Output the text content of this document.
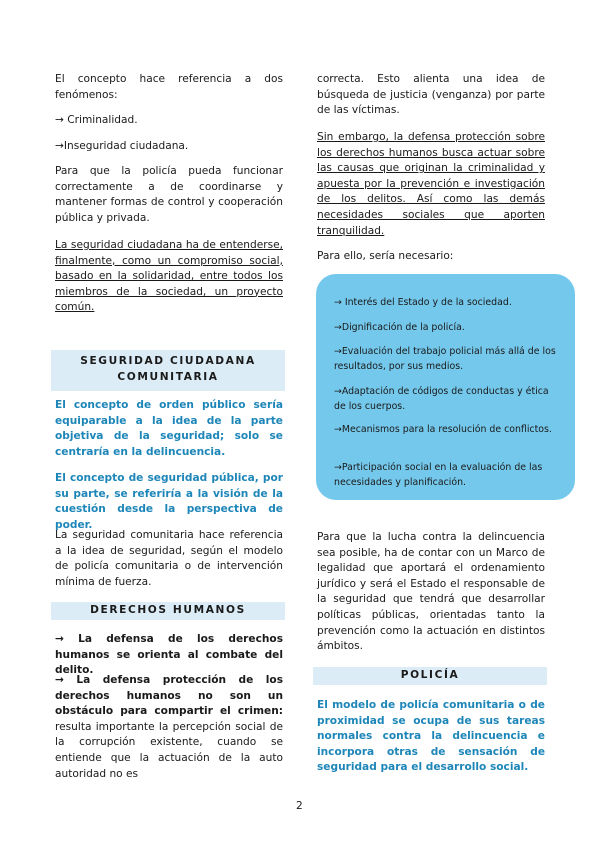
El concepto hace referencia a dos fenómenos:

→ Criminalidad.

→Inseguridad ciudadana.

Para que la policía pueda funcionar correctamente a de coordinarse y mantener formas de control y cooperación pública y privada.

La seguridad ciudadana ha de entenderse, finalmente, como un compromiso social, basado en la solidaridad, entre todos los miembros de la sociedad, un proyecto común.

SEGURIDAD CIUDADANA COMUNITARIA

El concepto de orden público sería equiparable a la idea de la parte objetiva de la seguridad; solo se centraría en la delincuencia.

El concepto de seguridad pública, por su parte, se referiría a la visión de la cuestión desde la perspectiva de poder.

La seguridad comunitaria hace referencia a la idea de seguridad, según el modelo de policía comunitaria o de intervención mínima de fuerza.

DERECHOS HUMANOS

→ La defensa de los derechos humanos se orienta al combate del delito.

→ La defensa protección de los derechos humanos no son un obstáculo para compartir el crimen: resulta importante la percepción social de la corrupción existente, cuando se entiende que la actuación de la auto autoridad no es

correcta. Esto alienta una idea de búsqueda de justicia (venganza) por parte de las víctimas.

Sin embargo, la defensa protección sobre los derechos humanos busca actuar sobre las causas que originan la criminalidad y apuesta por la prevención e investigación de los delitos. Así como las demás necesidades sociales que aporten tranquilidad.

Para ello, sería necesario:

→ Interés del Estado y de la sociedad.

→Dignificación de la policía.

→Evaluación del trabajo policial más allá de los resultados, por sus medios.

→Adaptación de códigos de conductas y ética de los cuerpos.

→Mecanismos para la resolución de conflictos.

→Participación social en la evaluación de las necesidades y planificación.

Para que la lucha contra la delincuencia sea posible, ha de contar con un Marco de legalidad que aportará el ordenamiento jurídico y será el Estado el responsable de la seguridad que tendrá que desarrollar políticas públicas, orientadas tanto la prevención como la actuación en distintos ámbitos.

POLICÍA

El modelo de policía comunitaria o de proximidad se ocupa de sus tareas normales contra la delincuencia e incorpora otras de sensación de seguridad para el desarrollo social.

2
